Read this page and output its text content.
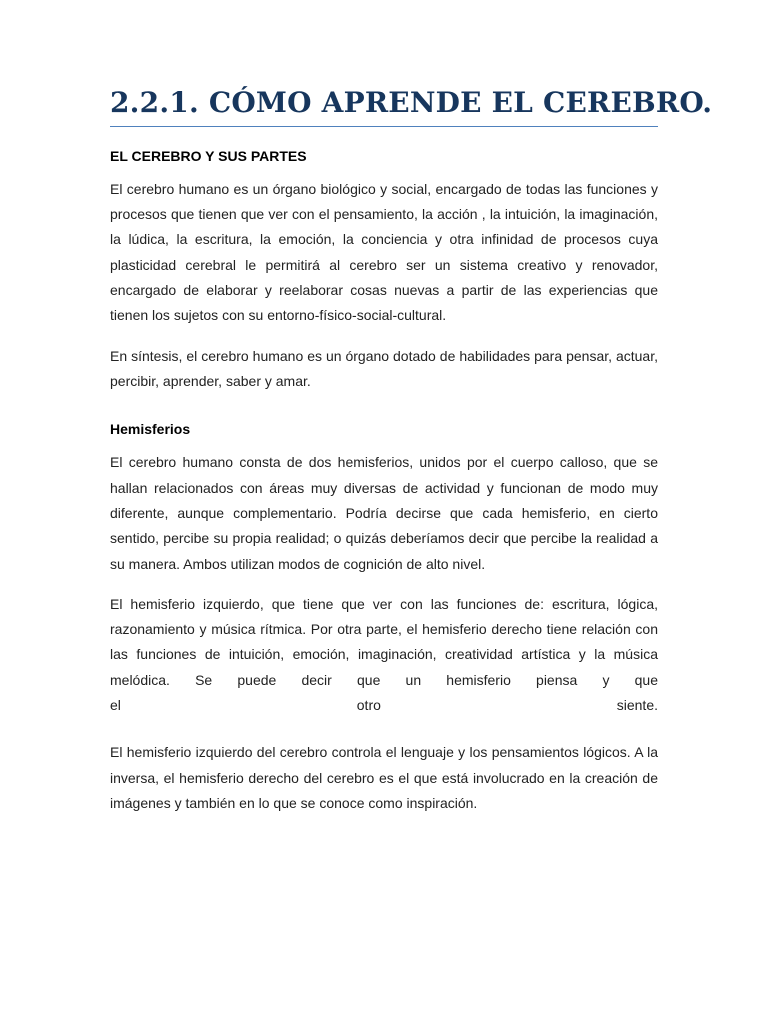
2.2.1. CÓMO APRENDE EL CEREBRO.
EL CEREBRO Y SUS PARTES

El cerebro humano es un órgano biológico y social, encargado de todas las funciones y procesos que tienen que ver con el pensamiento, la acción , la intuición, la imaginación, la lúdica, la escritura, la emoción, la conciencia y otra infinidad de procesos cuya plasticidad cerebral le permitirá al cerebro ser un sistema creativo y renovador, encargado de elaborar y reelaborar cosas nuevas a partir de las experiencias que tienen los sujetos con su entorno-físico-social-cultural.

En síntesis, el cerebro humano es un órgano dotado de habilidades para pensar, actuar, percibir, aprender, saber y amar.

Hemisferios

El cerebro humano consta de dos hemisferios, unidos por el cuerpo calloso, que se hallan relacionados con áreas muy diversas de actividad y funcionan de modo muy diferente, aunque complementario. Podría decirse que cada hemisferio, en cierto sentido, percibe su propia realidad; o quizás deberíamos decir que percibe la realidad a su manera. Ambos utilizan modos de cognición de alto nivel.

El hemisferio izquierdo, que tiene que ver con las funciones de: escritura, lógica, razonamiento y música rítmica. Por otra parte, el hemisferio derecho tiene relación con las funciones de intuición, emoción, imaginación, creatividad artística y la música melódica. Se puede decir que un hemisferio piensa y que
el	otro	siente.

El hemisferio izquierdo del cerebro controla el lenguaje y los pensamientos lógicos. A la inversa, el hemisferio derecho del cerebro es el que está involucrado en la creación de imágenes y también en lo que se conoce como inspiración.
